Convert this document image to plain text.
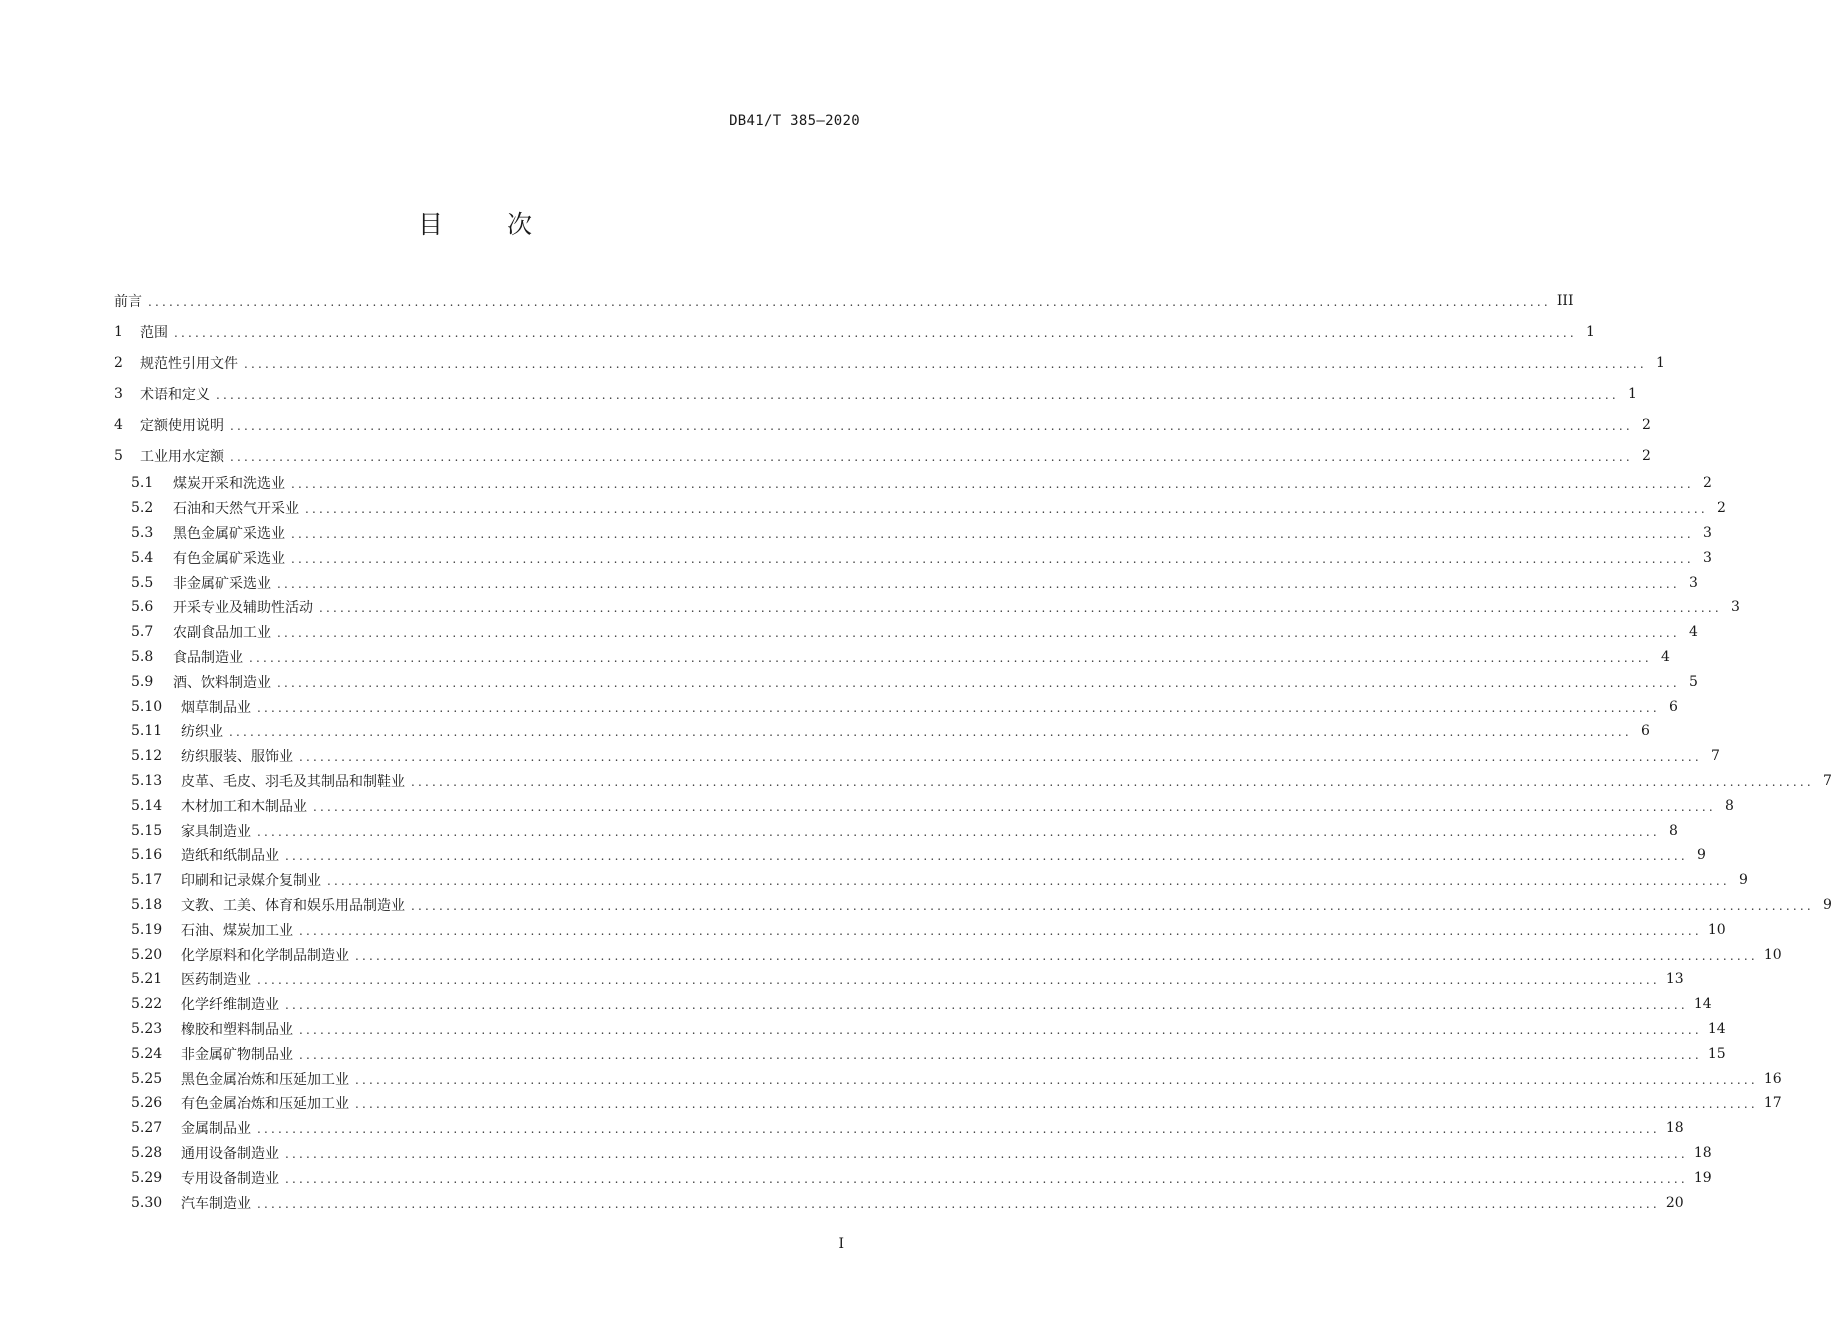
DB41/T 385—2020
目 次
前言 ........................................................................................................................................................................................................ III
1	范围 ........................................................................................................................................................................................................ 1
2	规范性引用文件 ........................................................................................................................................................................................................ 1
3	术语和定义 ........................................................................................................................................................................................................ 1
4	定额使用说明 ........................................................................................................................................................................................................ 2
5	工业用水定额 ........................................................................................................................................................................................................ 2
5.1	煤炭开采和洗选业 ........................................................................................................................................................................................................ 2
5.2	石油和天然气开采业 ........................................................................................................................................................................................................ 2
5.3	黑色金属矿采选业 ........................................................................................................................................................................................................ 3
5.4	有色金属矿采选业 ........................................................................................................................................................................................................ 3
5.5	非金属矿采选业 ........................................................................................................................................................................................................ 3
5.6	开采专业及辅助性活动 ........................................................................................................................................................................................................ 3
5.7	农副食品加工业 ........................................................................................................................................................................................................ 4
5.8	食品制造业 ........................................................................................................................................................................................................ 4
5.9	酒、饮料制造业 ........................................................................................................................................................................................................ 5
5.10	烟草制品业 ........................................................................................................................................................................................................ 6
5.11	纺织业 ........................................................................................................................................................................................................ 6
5.12	纺织服装、服饰业 ........................................................................................................................................................................................................ 7
5.13	皮革、毛皮、羽毛及其制品和制鞋业 ........................................................................................................................................................................................................ 7
5.14	木材加工和木制品业 ........................................................................................................................................................................................................ 8
5.15	家具制造业 ........................................................................................................................................................................................................ 8
5.16	造纸和纸制品业 ........................................................................................................................................................................................................ 9
5.17	印刷和记录媒介复制业 ........................................................................................................................................................................................................ 9
5.18	文教、工美、体育和娱乐用品制造业 ........................................................................................................................................................................................................ 9
5.19	石油、煤炭加工业 ........................................................................................................................................................................................................ 10
5.20	化学原料和化学制品制造业 ........................................................................................................................................................................................................ 10
5.21	医药制造业 ........................................................................................................................................................................................................ 13
5.22	化学纤维制造业 ........................................................................................................................................................................................................ 14
5.23	橡胶和塑料制品业 ........................................................................................................................................................................................................ 14
5.24	非金属矿物制品业 ........................................................................................................................................................................................................ 15
5.25	黑色金属冶炼和压延加工业 ........................................................................................................................................................................................................ 16
5.26	有色金属冶炼和压延加工业 ........................................................................................................................................................................................................ 17
5.27	金属制品业 ........................................................................................................................................................................................................ 18
5.28	通用设备制造业 ........................................................................................................................................................................................................ 18
5.29	专用设备制造业 ........................................................................................................................................................................................................ 19
5.30	汽车制造业 ........................................................................................................................................................................................................ 20
I
